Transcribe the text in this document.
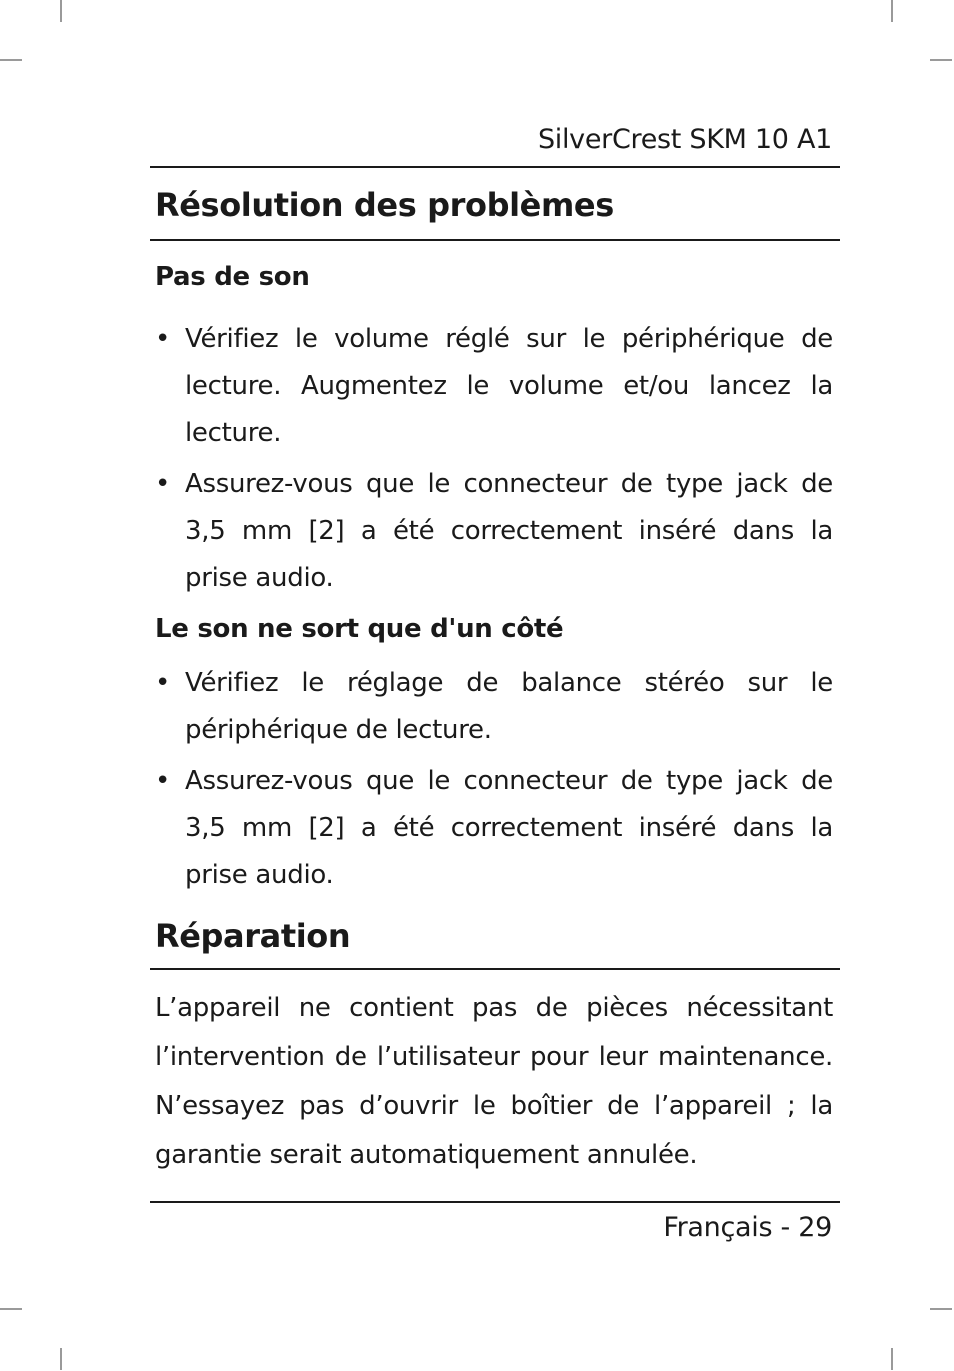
SilverCrest SKM 10 A1
Résolution des problèmes
Pas de son
• Vérifiez le volume réglé sur le périphérique de lecture. Augmentez le volume et/ou lancez la lecture.
• Assurez-vous que le connecteur de type jack de 3,5 mm [2] a été correctement inséré dans la prise audio.
Le son ne sort que d'un côté
• Vérifiez le réglage de balance stéréo sur le périphérique de lecture.
• Assurez-vous que le connecteur de type jack de 3,5 mm [2] a été correctement inséré dans la prise audio.
Réparation

L’appareil ne contient pas de pièces nécessitant l’intervention de l’utilisateur pour leur maintenance. N’essayez pas d’ouvrir le boîtier de l’appareil ; la garantie serait automatiquement annulée.

Français - 29
